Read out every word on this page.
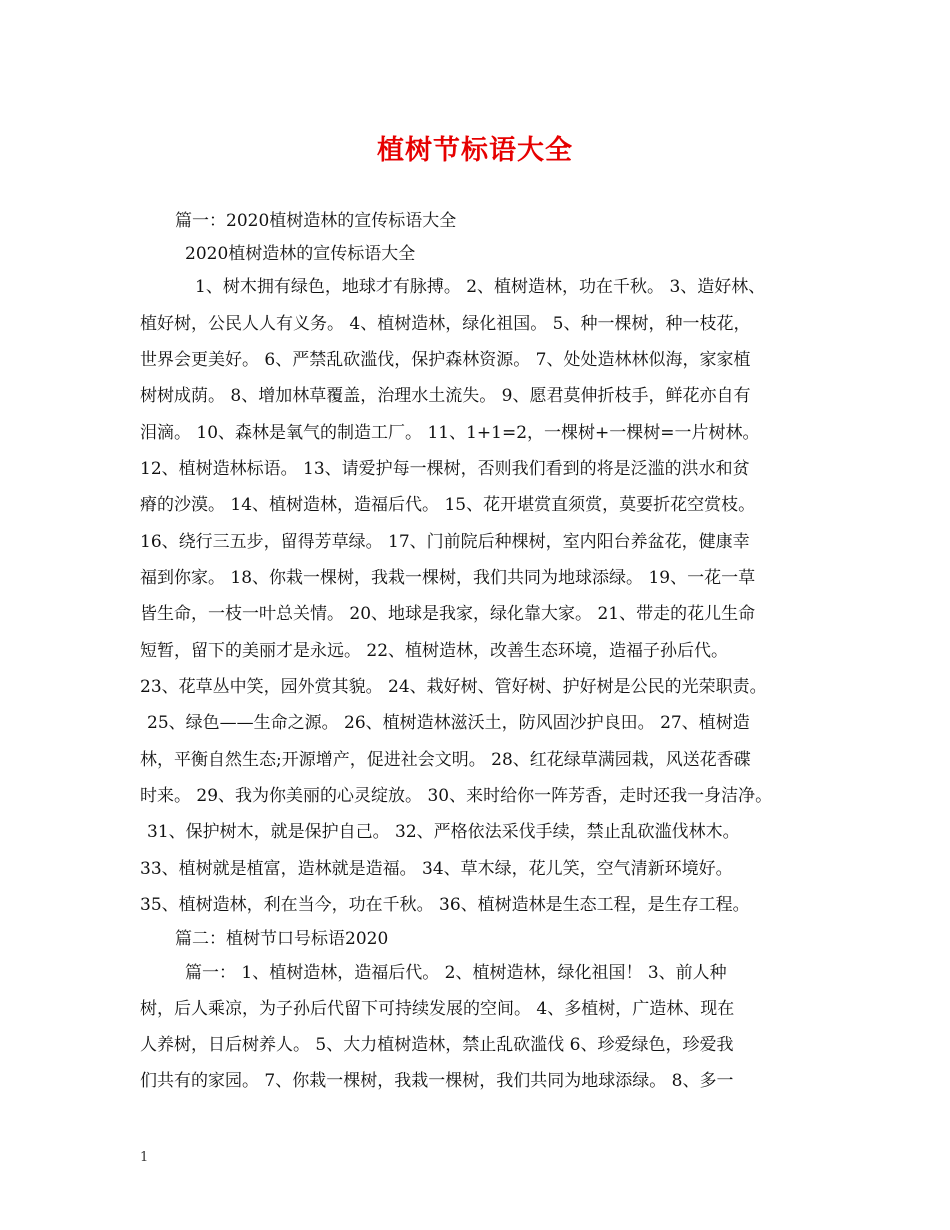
植树节标语大全
篇一：2020植树造林的宣传标语大全
2020植树造林的宣传标语大全
1、树木拥有绿色，地球才有脉搏。 2、植树造林，功在千秋。 3、造好林、
植好树，公民人人有义务。 4、植树造林，绿化祖国。 5、种一棵树，种一枝花，
世界会更美好。 6、严禁乱砍滥伐，保护森林资源。 7、处处造林林似海，家家植
树树成荫。 8、增加林草覆盖，治理水土流失。 9、愿君莫伸折枝手，鲜花亦自有
泪滴。 10、森林是氧气的制造工厂。 11、1+1=2，一棵树+一棵树=一片树林。
12、植树造林标语。 13、请爱护每一棵树，否则我们看到的将是泛滥的洪水和贫
瘠的沙漠。 14、植树造林，造福后代。 15、花开堪赏直须赏，莫要折花空赏枝。
16、绕行三五步，留得芳草绿。 17、门前院后种棵树，室内阳台养盆花，健康幸
福到你家。 18、你栽一棵树，我栽一棵树，我们共同为地球添绿。 19、一花一草
皆生命，一枝一叶总关情。 20、地球是我家，绿化靠大家。 21、带走的花儿生命
短暂，留下的美丽才是永远。 22、植树造林，改善生态环境，造福子孙后代。
23、花草丛中笑，园外赏其貌。 24、栽好树、管好树、护好树是公民的光荣职责。
25、绿色——生命之源。 26、植树造林滋沃土，防风固沙护良田。 27、植树造
林，平衡自然生态;开源增产，促进社会文明。 28、红花绿草满园栽，风送花香碟
时来。 29、我为你美丽的心灵绽放。 30、来时给你一阵芳香，走时还我一身洁净。
31、保护树木，就是保护自己。 32、严格依法采伐手续，禁止乱砍滥伐林木。
33、植树就是植富，造林就是造福。 34、草木绿，花儿笑，空气清新环境好。
35、植树造林，利在当今，功在千秋。 36、植树造林是生态工程，是生存工程。
篇二：植树节口号标语2020
篇一： 1、植树造林，造福后代。 2、植树造林，绿化祖国！ 3、前人种
树，后人乘凉，为子孙后代留下可持续发展的空间。 4、多植树，广造林、现在
人养树，日后树养人。 5、大力植树造林，禁止乱砍滥伐 6、珍爱绿色，珍爱我
们共有的家园。 7、你栽一棵树，我栽一棵树，我们共同为地球添绿。 8、多一
1
